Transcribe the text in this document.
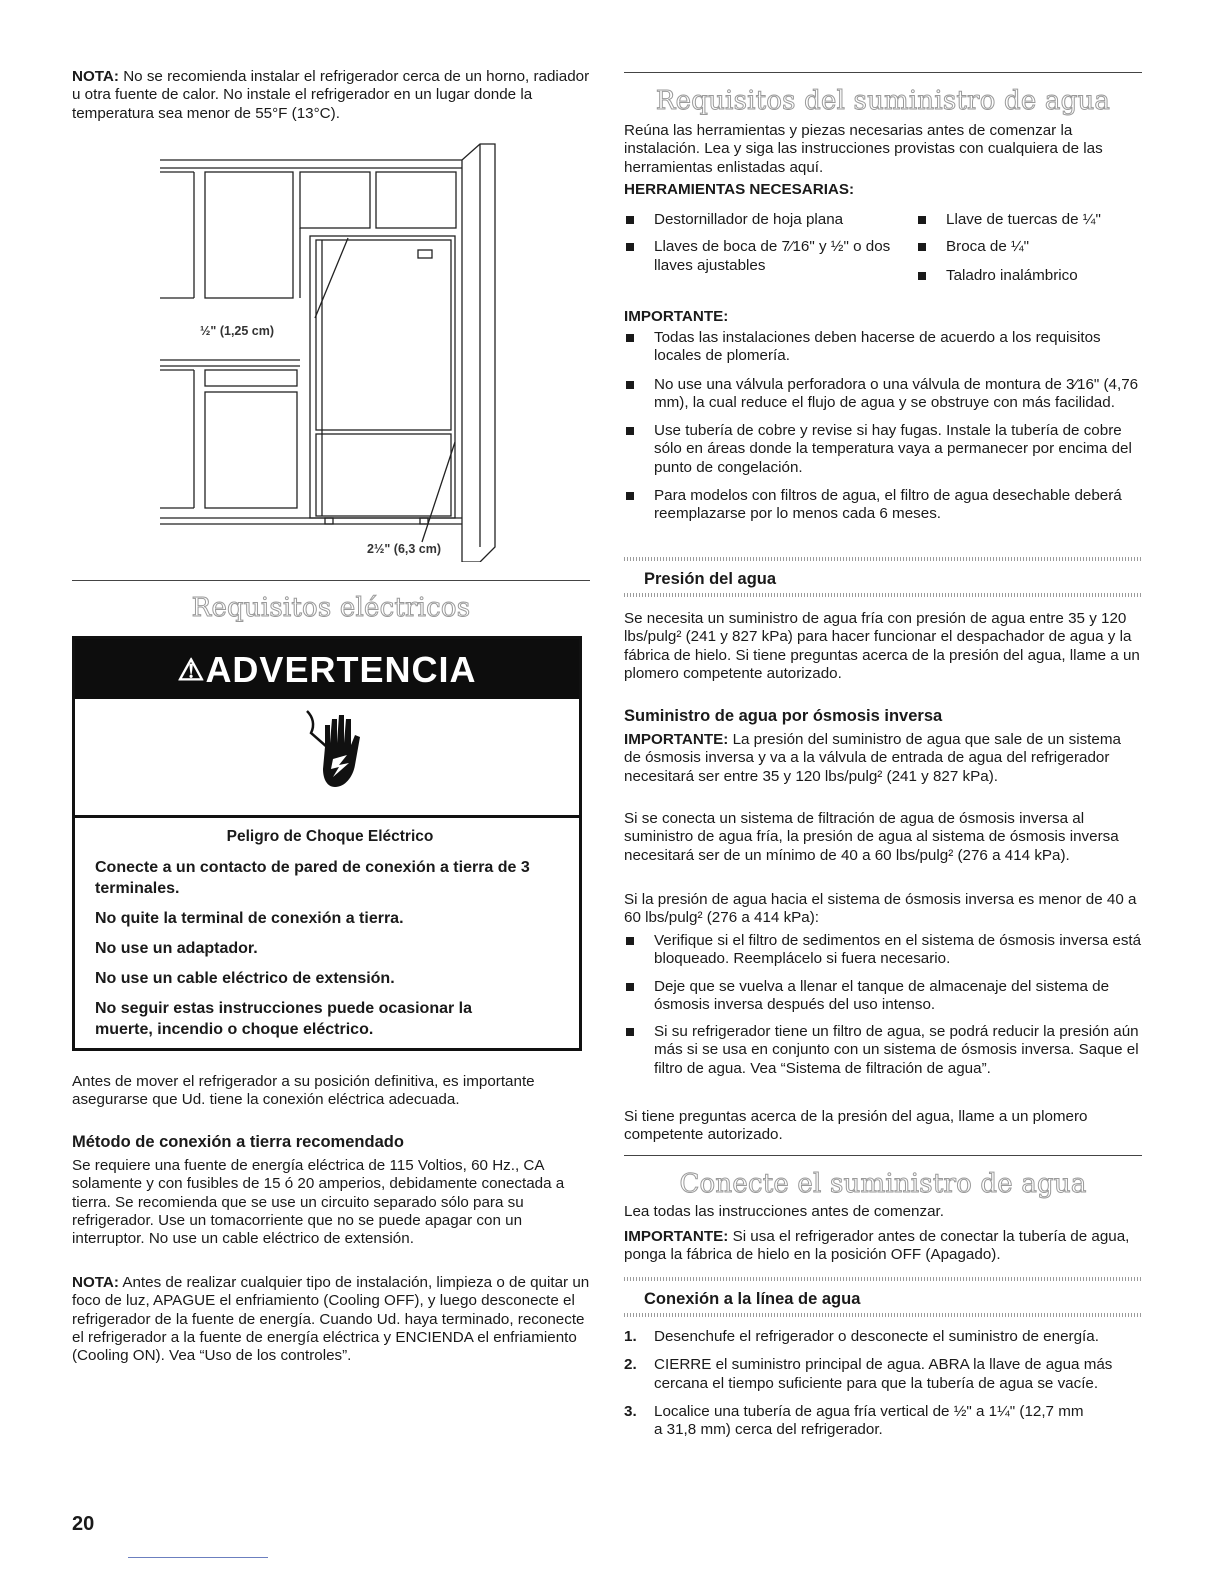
NOTA: No se recomienda instalar el refrigerador cerca de un horno, radiador u otra fuente de calor. No instale el refrigerador en un lugar donde la temperatura sea menor de 55°F (13°C).

½" (1,25 cm)
2½" (6,3 cm)
Requisitos eléctricos
⚠ADVERTENCIA

Peligro de Choque Eléctrico

Conecte a un contacto de pared de conexión a tierra de 3 terminales.

No quite la terminal de conexión a tierra.

No use un adaptador.

No use un cable eléctrico de extensión.

No seguir estas instrucciones puede ocasionar la muerte, incendio o choque eléctrico.

Antes de mover el refrigerador a su posición definitiva, es importante asegurarse que Ud. tiene la conexión eléctrica adecuada.

Método de conexión a tierra recomendado

Se requiere una fuente de energía eléctrica de 115 Voltios, 60 Hz., CA solamente y con fusibles de 15 ó 20 amperios, debidamente conectada a tierra. Se recomienda que se use un circuito separado sólo para su refrigerador. Use un tomacorriente que no se puede apagar con un interruptor. No use un cable eléctrico de extensión.

NOTA: Antes de realizar cualquier tipo de instalación, limpieza o de quitar un foco de luz, APAGUE el enfriamiento (Cooling OFF), y luego desconecte el refrigerador de la fuente de energía. Cuando Ud. haya terminado, reconecte el refrigerador a la fuente de energía eléctrica y ENCIENDA el enfriamiento (Cooling ON). Vea “Uso de los controles”.

20
Requisitos del suministro de agua

Reúna las herramientas y piezas necesarias antes de comenzar la instalación. Lea y siga las instrucciones provistas con cualquiera de las herramientas enlistadas aquí.

HERRAMIENTAS NECESARIAS:
Destornillador de hoja plana
Llaves de boca de 7⁄16" y ½" o dos llaves ajustables
Llave de tuercas de ¼"
Broca de ¼"
Taladro inalámbrico
IMPORTANTE:
Todas las instalaciones deben hacerse de acuerdo a los requisitos locales de plomería.
No use una válvula perforadora o una válvula de montura de 3⁄16" (4,76 mm), la cual reduce el flujo de agua y se obstruye con más facilidad.
Use tubería de cobre y revise si hay fugas. Instale la tubería de cobre sólo en áreas donde la temperatura vaya a permanecer por encima del punto de congelación.
Para modelos con filtros de agua, el filtro de agua desechable deberá reemplazarse por lo menos cada 6 meses.
Presión del agua

Se necesita un suministro de agua fría con presión de agua entre 35 y 120 lbs/pulg² (241 y 827 kPa) para hacer funcionar el despachador de agua y la fábrica de hielo. Si tiene preguntas acerca de la presión del agua, llame a un plomero competente autorizado.

Suministro de agua por ósmosis inversa

IMPORTANTE: La presión del suministro de agua que sale de un sistema de ósmosis inversa y va a la válvula de entrada de agua del refrigerador necesitará ser entre 35 y 120 lbs/pulg² (241 y 827 kPa).

Si se conecta un sistema de filtración de agua de ósmosis inversa al suministro de agua fría, la presión de agua al sistema de ósmosis inversa necesitará ser de un mínimo de 40 a 60 lbs/pulg² (276 a 414 kPa).

Si la presión de agua hacia el sistema de ósmosis inversa es menor de 40 a 60 lbs/pulg² (276 a 414 kPa):

Verifique si el filtro de sedimentos en el sistema de ósmosis inversa está bloqueado. Reemplácelo si fuera necesario.
Deje que se vuelva a llenar el tanque de almacenaje del sistema de ósmosis inversa después del uso intenso.
Si su refrigerador tiene un filtro de agua, se podrá reducir la presión aún más si se usa en conjunto con un sistema de ósmosis inversa. Saque el filtro de agua. Vea “Sistema de filtración de agua”.

Si tiene preguntas acerca de la presión del agua, llame a un plomero competente autorizado.

Conecte el suministro de agua

Lea todas las instrucciones antes de comenzar.

IMPORTANTE: Si usa el refrigerador antes de conectar la tubería de agua, ponga la fábrica de hielo en la posición OFF (Apagado).

Conexión a la línea de agua
1. Desenchufe el refrigerador o desconecte el suministro de energía.
2. CIERRE el suministro principal de agua. ABRA la llave de agua más cercana el tiempo suficiente para que la tubería de agua se vacíe.
3. Localice una tubería de agua fría vertical de ½" a 1¼" (12,7 mm a 31,8 mm) cerca del refrigerador.
